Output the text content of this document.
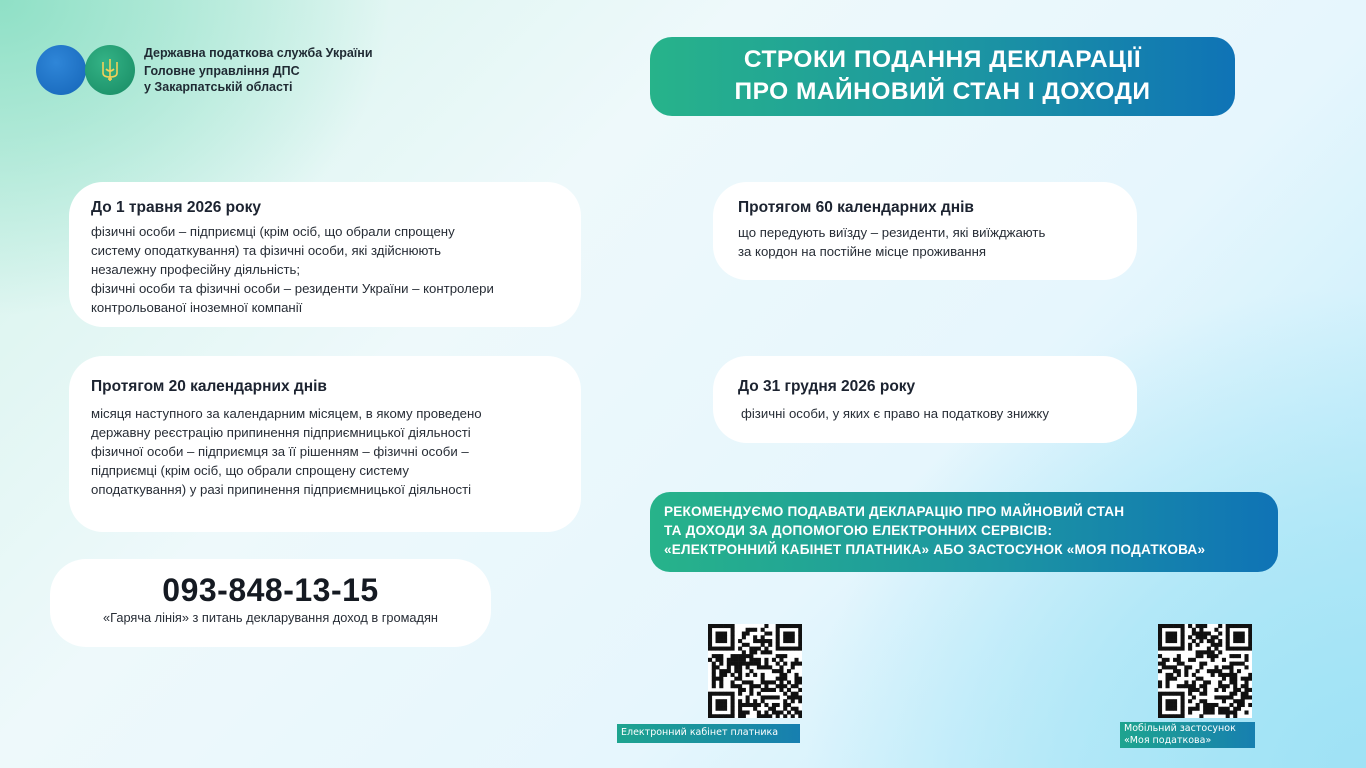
Державна податкова служба України
Головне управління ДПС
у Закарпатській області
СТРОКИ ПОДАННЯ ДЕКЛАРАЦІЇ
ПРО МАЙНОВИЙ СТАН І ДОХОДИ
До 1 травня 2026 року
фізичні особи – підприємці (крім осіб, що обрали спрощену
систему оподаткування) та фізичні особи, які здійснюють
незалежну професійну діяльність;
фізичні особи та фізичні особи – резиденти України – контролери
контрольованої іноземної компанії
Протягом 60 календарних днів
що передують виїзду – резиденти, які виїжджають
за кордон на постійне місце проживання
Протягом 20 календарних днів
місяця наступного за календарним місяцем, в якому проведено
державну реєстрацію припинення підприємницької діяльності
фізичної особи – підприємця за її рішенням – фізичні особи –
підприємці (крім осіб, що обрали спрощену систему
оподаткування) у разі припинення підприємницької діяльності
До 31 грудня 2026 року
фізичні особи, у яких є право на податкову знижку
093-848-13-15
«Гаряча лінія» з питань декларування доход в громадян
РЕКОМЕНДУЄМО ПОДАВАТИ ДЕКЛАРАЦІЮ ПРО МАЙНОВИЙ СТАН
ТА ДОХОДИ ЗА ДОПОМОГОЮ ЕЛЕКТРОННИХ СЕРВІСІВ:
«ЕЛЕКТРОННИЙ КАБІНЕТ ПЛАТНИКА» АБО ЗАСТОСУНОК «МОЯ ПОДАТКОВА»
Електронний кабінет платника	Мобільний застосунок
«Моя податкова»
